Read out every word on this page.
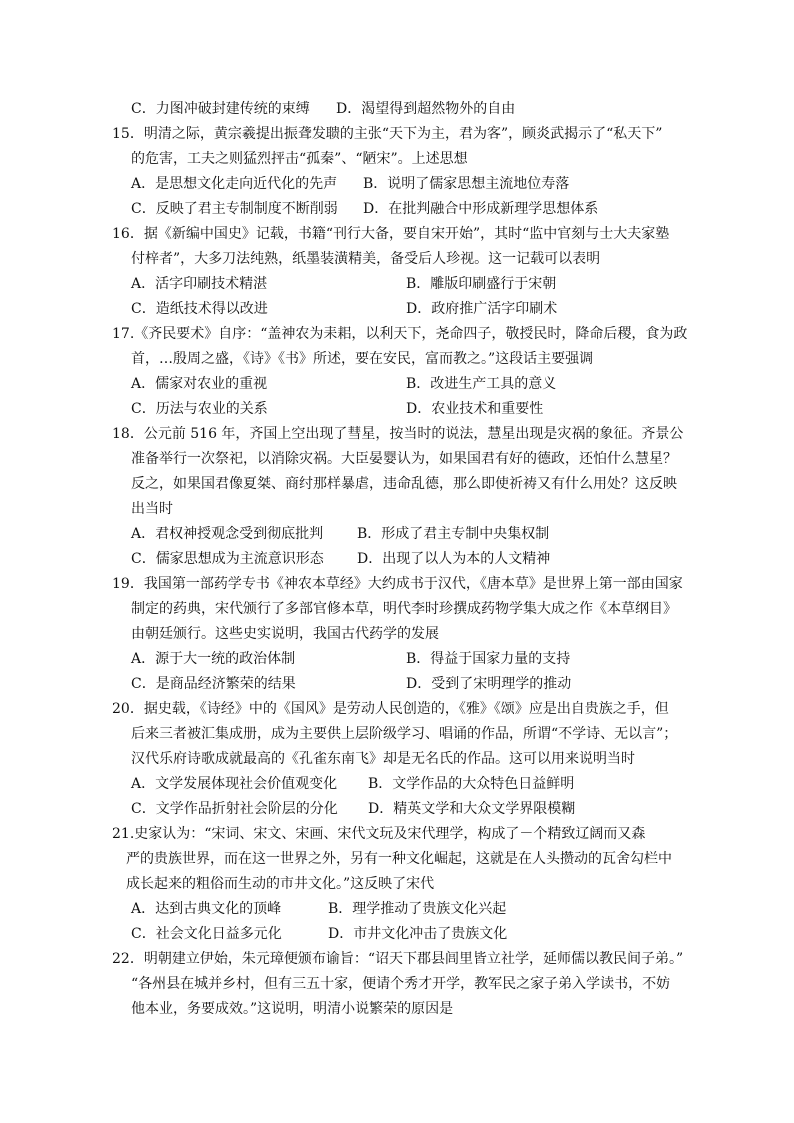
C．力图冲破封建传统的束缚 D．渴望得到超然物外的自由
15．明清之际，黄宗羲提出振聋发聩的主张“天下为主，君为客”，顾炎武揭示了“私天下”
的危害，工夫之则猛烈抨击“孤秦”、“陋宋”。上述思想
A．是思想文化走向近代化的先声 B．说明了儒家思想主流地位寿落
C．反映了君主专制制度不断削弱 D．在批判融合中形成新理学思想体系
16．据《新编中国史》记载，书籍“刊行大备，要自宋开始”，其时“监中官刻与士大夫家塾
付梓者”，大多刀法纯熟，纸墨装潢精美，备受后人珍视。这一记载可以表明
A．活字印刷技术精湛	B．雕版印刷盛行于宋朝
C．造纸技术得以改进	D．政府推广活字印刷术
17.《齐民要术》自序：“盖神农为耒耜，以利天下，尧命四子，敬授民时，降命后稷，食为政
首，…殷周之盛，《诗》《书》所述，要在安民，富而教之。”这段话主要强调
A．儒家对农业的重视	B．改进生产工具的意义
C．历法与农业的关系	D．农业技术和重要性
18．公元前 516 年，齐国上空出现了彗星，按当时的说法，慧星出现是灾祸的象征。齐景公
准备举行一次祭祀，以消除灾祸。大臣晏婴认为，如果国君有好的德政，还怕什么慧星？
反之，如果国君像夏桀、商纣那样暴虐，违命乱德，那么即使祈祷又有什么用处？这反映
出当时
A．君权神授观念受到彻底批判 B．形成了君主专制中央集权制
C．儒家思想成为主流意识形态 D．出现了以人为本的人文精神
19．我国第一部药学专书《神农本草经》大约成书于汉代，《唐本草》是世界上第一部由国家
制定的药典，宋代颁行了多部官修本草，明代李时珍撰成药物学集大成之作《本草纲目》
由朝廷颁行。这些史实说明，我国古代药学的发展
A．源于大一统的政治体制	B．得益于国家力量的支持
C．是商品经济繁荣的结果	D．受到了宋明理学的推动
20．据史载，《诗经》中的《国风》是劳动人民创造的，《雅》《颂》应是出自贵族之手，但
后来三者被汇集成册，成为主要供上层阶级学习、唱诵的作品，所谓“不学诗、无以言”；
汉代乐府诗歌成就最高的《孔雀东南飞》却是无名氏的作品。这可以用来说明当时
A．文学发展体现社会价值观变化 B．文学作品的大众特色日益鲜明
C．文学作品折射社会阶层的分化 D．精英文学和大众文学界限模糊
21.史家认为：“宋词、宋文、宋画、宋代文玩及宋代理学，构成了－个精致辽阔而又森
严的贵族世界，而在这一世界之外，另有一种文化崛起，这就是在人头攒动的瓦舍勾栏中
成长起来的粗俗而生动的市井文化。”这反映了宋代
A．达到古典文化的顶峰	B．理学推动了贵族文化兴起
C．社会文化日益多元化	D．市井文化冲击了贵族文化
22．明朝建立伊始，朱元璋便颁布谕旨：“诏天下郡县闾里皆立社学，延师儒以教民间子弟。”
“各州县在城并乡村，但有三五十家，便请个秀才开学，教军民之家子弟入学读书，不妨
他本业，务要成效。”这说明，明清小说繁荣的原因是
